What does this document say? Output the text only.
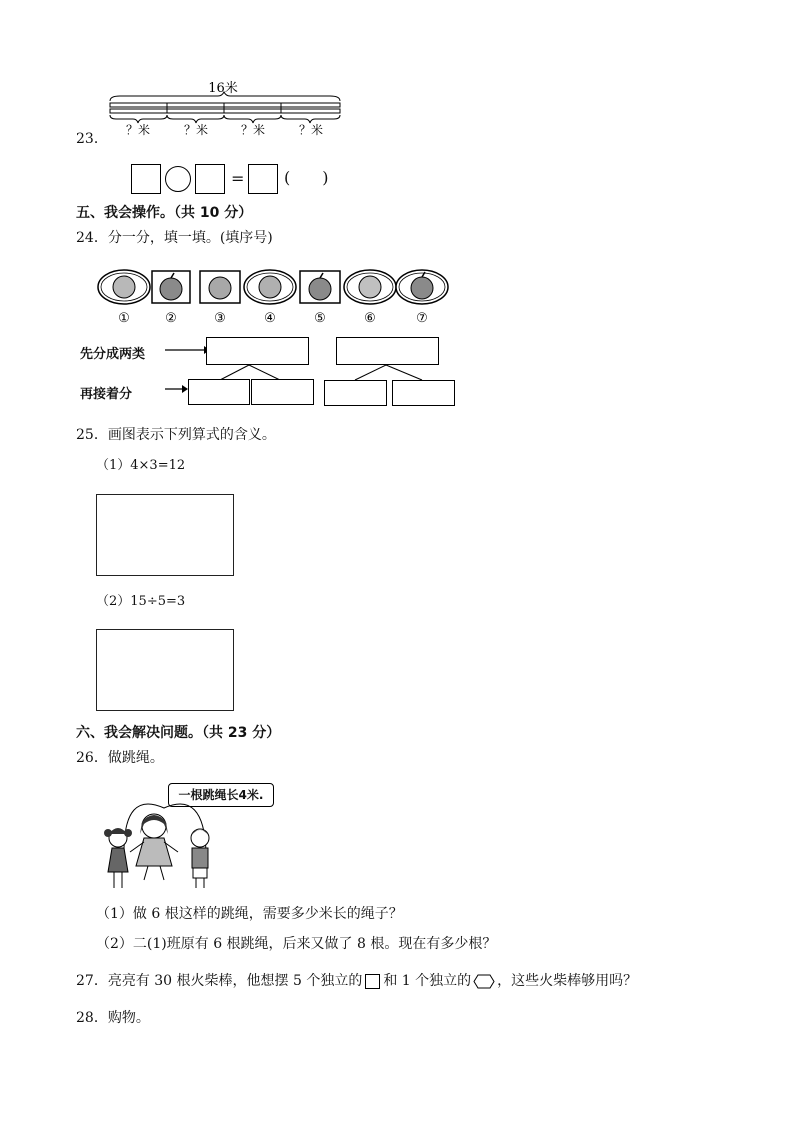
23．
16米
？米	？米	？米	？米
= (　　)
五、我会操作。（共 10 分）
24．分一分，填一填。(填序号)
①	②	③	④	⑤	⑥	⑦
先分成两类
再接着分
25．画图表示下列算式的含义。
（1）4×3=12
（2）15÷5=3
六、我会解决问题。（共 23 分）
26．做跳绳。
一根跳绳长4米.
（1）做 6 根这样的跳绳，需要多少米长的绳子？
（2）二(1)班原有 6 根跳绳，后来又做了 8 根。现在有多少根？
27．亮亮有 30 根火柴棒，他想摆 5 个独立的 和 1 个独立的 ，这些火柴棒够用吗？
28．购物。
